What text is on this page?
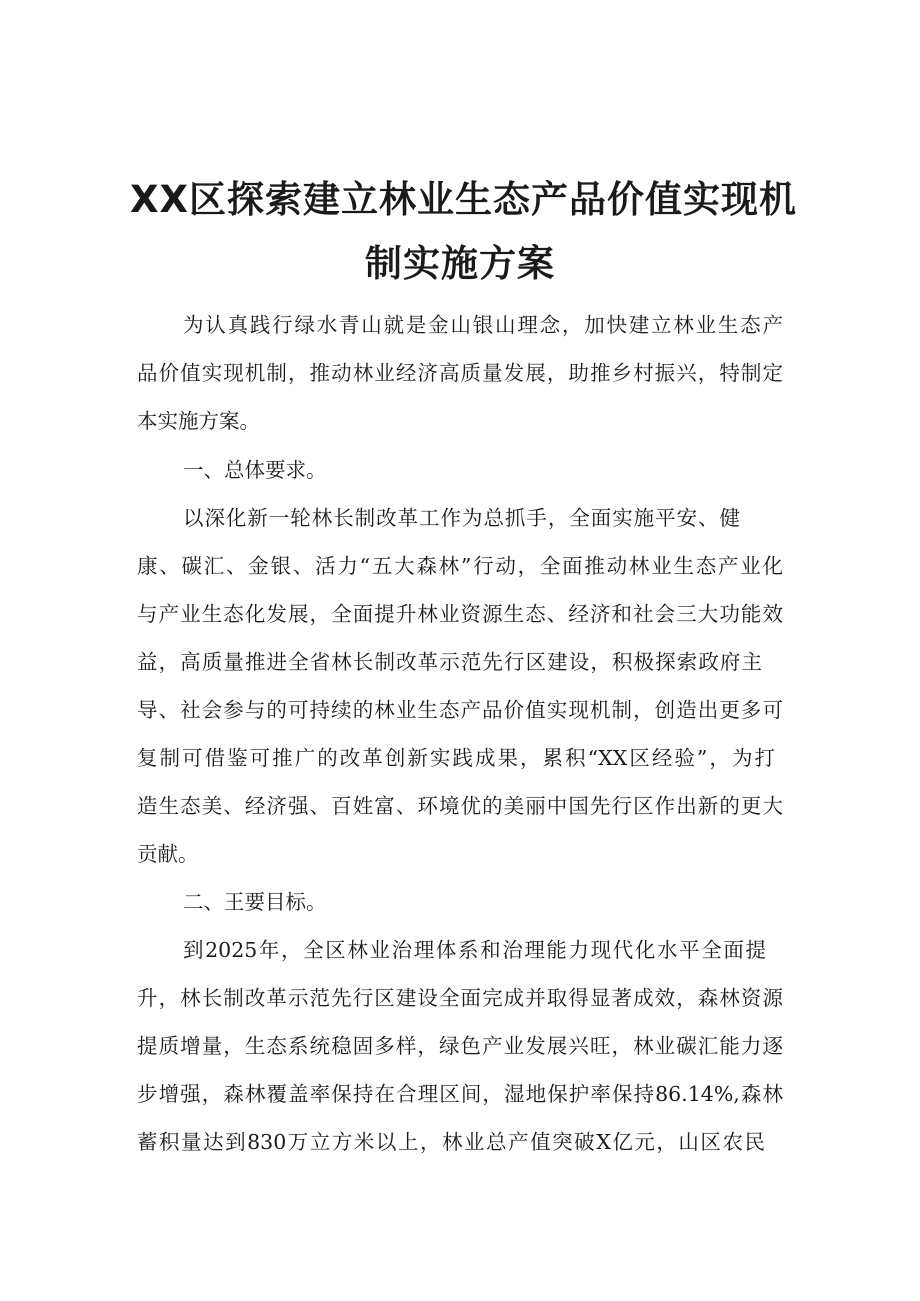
XX区探索建立林业生态产品价值实现机
制实施方案
为认真践行绿水青山就是金山银山理念，加快建立林业生态产
品价值实现机制，推动林业经济高质量发展，助推乡村振兴，特制定
本实施方案。
一、总体要求。
以深化新一轮林长制改革工作为总抓手，全面实施平安、健
康、碳汇、金银、活力“五大森林”行动，全面推动林业生态产业化
与产业生态化发展，全面提升林业资源生态、经济和社会三大功能效
益，高质量推进全省林长制改革示范先行区建设，积极探索政府主
导、社会参与的可持续的林业生态产品价值实现机制，创造出更多可
复制可借鉴可推广的改革创新实践成果，累积“XX区经验”，为打
造生态美、经济强、百姓富、环境优的美丽中国先行区作出新的更大
贡献。
二、王要目标。
到2025年，全区林业治理体系和治理能力现代化水平全面提
升，林长制改革示范先行区建设全面完成并取得显著成效，森林资源
提质增量，生态系统稳固多样，绿色产业发展兴旺，林业碳汇能力逐
步增强，森林覆盖率保持在合理区间，湿地保护率保持86.14%,森林
蓄积量达到830万立方米以上，林业总产值突破X亿元，山区农民
